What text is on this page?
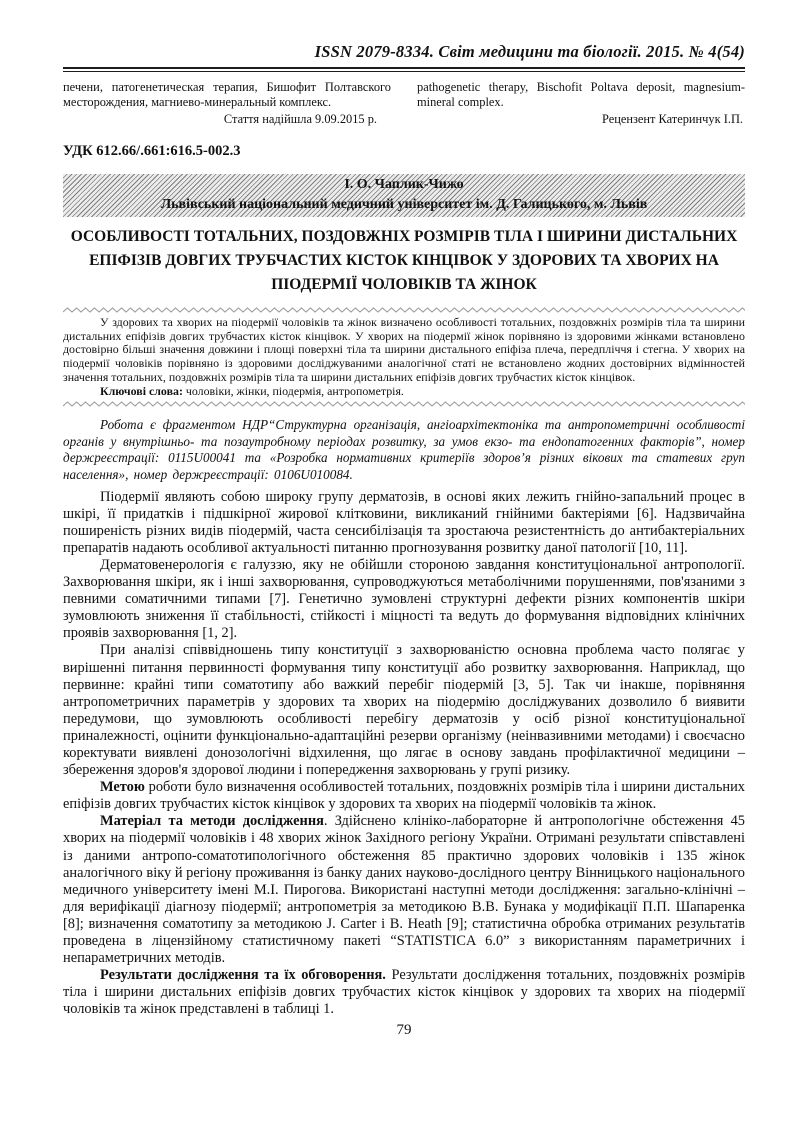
ISSN 2079-8334. Світ медицини та біології. 2015. № 4(54)

печени, патогенетическая терапия, Бишофит Полтавского месторождения, магниево-минеральный комплекс.

Стаття надійшла 9.09.2015 р.

pathogenetic therapy, Bischofit Poltava deposit, magnesium-mineral complex.

Рецензент Катеринчук І.П.
УДК 612.66/.661:616.5-002.3
І. О. Чаплик-Чижо
Львівський національний медичний університет ім. Д. Галицького, м. Львів
ОСОБЛИВОСТІ ТОТАЛЬНИХ, ПОЗДОВЖНІХ РОЗМІРІВ ТІЛА І ШИРИНИ ДИСТАЛЬНИХ ЕПІФІЗІВ ДОВГИХ ТРУБЧАСТИХ КІСТОК КІНЦІВОК У ЗДОРОВИХ ТА ХВОРИХ НА ПІОДЕРМІЇ ЧОЛОВІКІВ ТА ЖІНОК

У здорових та хворих на піодермії чоловіків та жінок визначено особливості тотальних, поздовжніх розмірів тіла та ширини дистальних епіфізів довгих трубчастих кісток кінцівок. У хворих на піодермії жінок порівняно із здоровими жінками встановлено достовірно більші значення довжини і площі поверхні тіла та ширини дистального епіфіза плеча, передпліччя і стегна. У хворих на піодермії чоловіків порівняно із здоровими досліджуваними аналогічної статі не встановлено жодних достовірних відмінностей значення тотальних, поздовжніх розмірів тіла та ширини дистальних епіфізів довгих трубчастих кісток кінцівок.

Ключові слова: чоловіки, жінки, піодермія, антропометрія.

Робота є фрагментом НДР“Структурна організація, ангіоархітектоніка та антропометричні особливості органів у внутрішньо- та позаутробному періодах розвитку, за умов екзо- та ендопатогенних факторів”, номер держреєстрації: 0115U00041 та «Розробка нормативних критеріїв здоров’я різних вікових та статевих груп населення», номер держреєстрації: 0106U010084.

Піодермії являють собою широку групу дерматозів, в основі яких лежить гнійно-запальний процес в шкірі, її придатків і підшкірної жирової клітковини, викликаний гнійними бактеріями [6]. Надзвичайна поширеність різних видів піодермій, часта сенсибілізація та зростаюча резистентність до антибактеріальних препаратів надають особливої актуальності питанню прогнозування розвитку даної патології [10, 11].

Дерматовенерологія є галуззю, яку не обійшли стороною завдання конституціональної антропології. Захворювання шкіри, як і інші захворювання, супроводжуються метаболічними порушеннями, пов'язаними з певними соматичними типами [7]. Генетично зумовлені структурні дефекти різних компонентів шкіри зумовлюють зниження її стабільності, стійкості і міцності та ведуть до формування відповідних клінічних проявів захворювання [1, 2].

При аналізі співвідношень типу конституції з захворюваністю основна проблема часто полягає у вирішенні питання первинності формування типу конституції або розвитку захворювання. Наприклад, що первинне: крайні типи соматотипу або важкий перебіг піодермій [3, 5]. Так чи інакше, порівняння антропометричних параметрів у здорових та хворих на піодермію досліджуваних дозволило б виявити передумови, що зумовлюють особливості перебігу дерматозів у осіб різної конституціональної приналежності, оцінити функціонально-адаптаційні резерви організму (неінвазивними методами) і своєчасно коректувати виявлені донозологічні відхилення, що лягає в основу завдань профілактичної медицини – збереження здоров'я здорової людини і попередження захворювань у групі ризику.

Метою роботи було визначення особливостей тотальних, поздовжніх розмірів тіла і ширини дистальних епіфізів довгих трубчастих кісток кінцівок у здорових та хворих на піодермії чоловіків та жінок.

Матеріал та методи дослідження. Здійснено клініко-лабораторне й антропологічне обстеження 45 хворих на піодермії чоловіків і 48 хворих жінок Західного регіону України. Отримані результати співставлені із даними антропо-соматотипологічного обстеження 85 практично здорових чоловіків і 135 жінок аналогічного віку й регіону проживання із банку даних науково-дослідного центру Вінницького національного медичного університету імені М.І. Пирогова. Використані наступні методи дослідження: загально-клінічні – для верифікації діагнозу піодермії; антропометрія за методикою В.В. Бунака у модифікації П.П. Шапаренка [8]; визначення соматотипу за методикою J. Carter і B. Heath [9]; статистична обробка отриманих результатів проведена в ліцензійному статистичному пакеті “STATISTICA 6.0” з використанням параметричних і непараметричних методів.

Результати дослідження та їх обговорення. Результати дослідження тотальних, поздовжніх розмірів тіла і ширини дистальних епіфізів довгих трубчастих кісток кінцівок у здорових та хворих на піодермії чоловіків та жінок представлені в таблиці 1.

79
